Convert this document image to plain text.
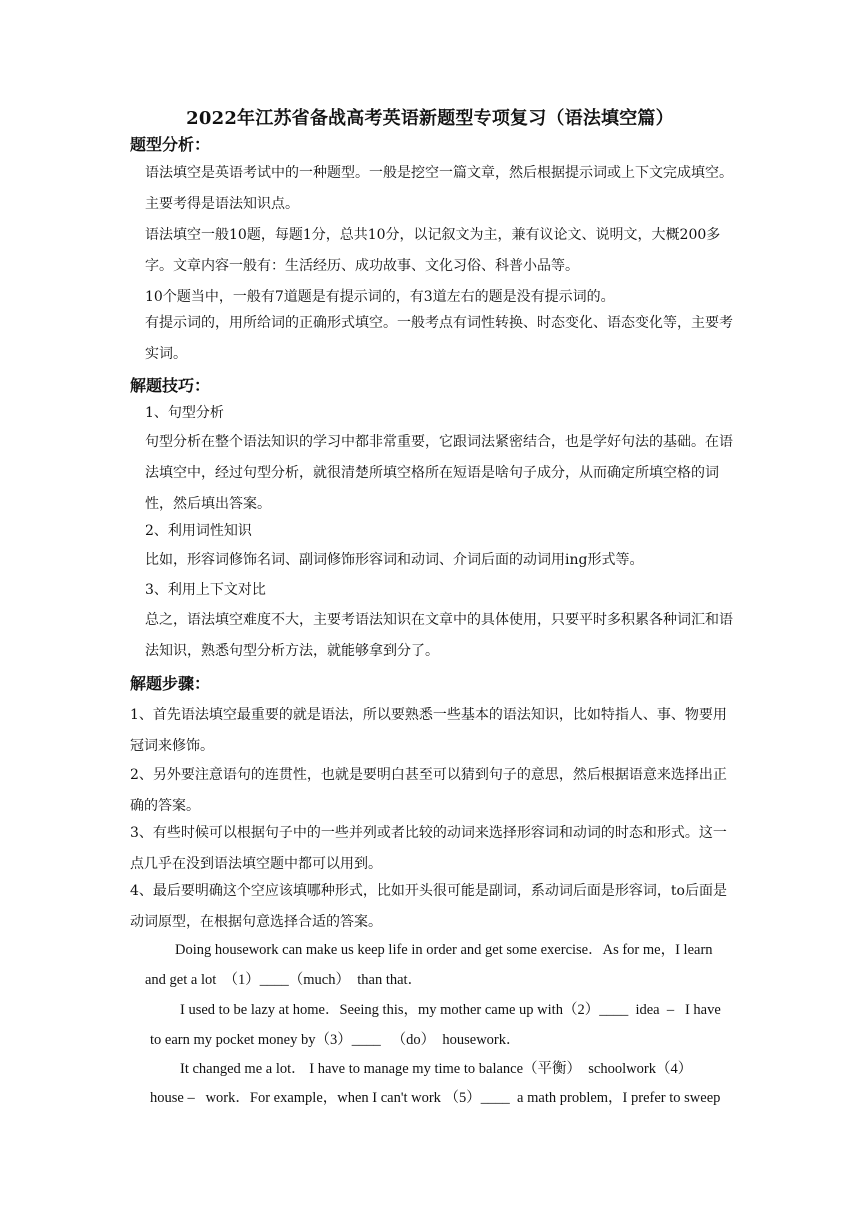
2022年江苏省备战高考英语新题型专项复习（语法填空篇）
题型分析：
语法填空是英语考试中的一种题型。一般是挖空一篇文章，然后根据提示词或上下文完成填空。主要考得是语法知识点。
语法填空一般10题，每题1分，总共10分，以记叙文为主，兼有议论文、说明文，大概200多字。文章内容一般有：生活经历、成功故事、文化习俗、科普小品等。
10个题当中，一般有7道题是有提示词的，有3道左右的题是没有提示词的。
有提示词的，用所给词的正确形式填空。一般考点有词性转换、时态变化、语态变化等，主要考实词。
解题技巧：
1、句型分析
句型分析在整个语法知识的学习中都非常重要，它跟词法紧密结合，也是学好句法的基础。在语法填空中，经过句型分析，就很清楚所填空格所在短语是啥句子成分，从而确定所填空格的词性，然后填出答案。
2、利用词性知识
比如，形容词修饰名词、副词修饰形容词和动词、介词后面的动词用ing形式等。
3、利用上下文对比
总之，语法填空难度不大，主要考语法知识在文章中的具体使用，只要平时多积累各种词汇和语法知识，熟悉句型分析方法，就能够拿到分了。
解题步骤：
1、首先语法填空最重要的就是语法，所以要熟悉一些基本的语法知识，比如特指人、事、物要用冠词来修饰。
2、另外要注意语句的连贯性，也就是要明白甚至可以猜到句子的意思，然后根据语意来选择出正确的答案。
3、有些时候可以根据句子中的一些并列或者比较的动词来选择形容词和动词的时态和形式。这一点几乎在没到语法填空题中都可以用到。
4、最后要明确这个空应该填哪种形式，比如开头很可能是副词，系动词后面是形容词，to后面是动词原型，在根据句意选择合适的答案。
Doing housework can make us keep life in order and get some exercise．As for me，I learn
and get a lot  （1）____（much）  than that．
I used to be lazy at home．Seeing this，my mother came up with（2）____  idea  –   I have
to earn my pocket money by（3）____   （do）  housework．
It changed me a lot． I have to manage my time to balance（平衡）  schoolwork（4）
house –   work．For example，when I can't work （5）____  a math problem，I prefer to sweep
